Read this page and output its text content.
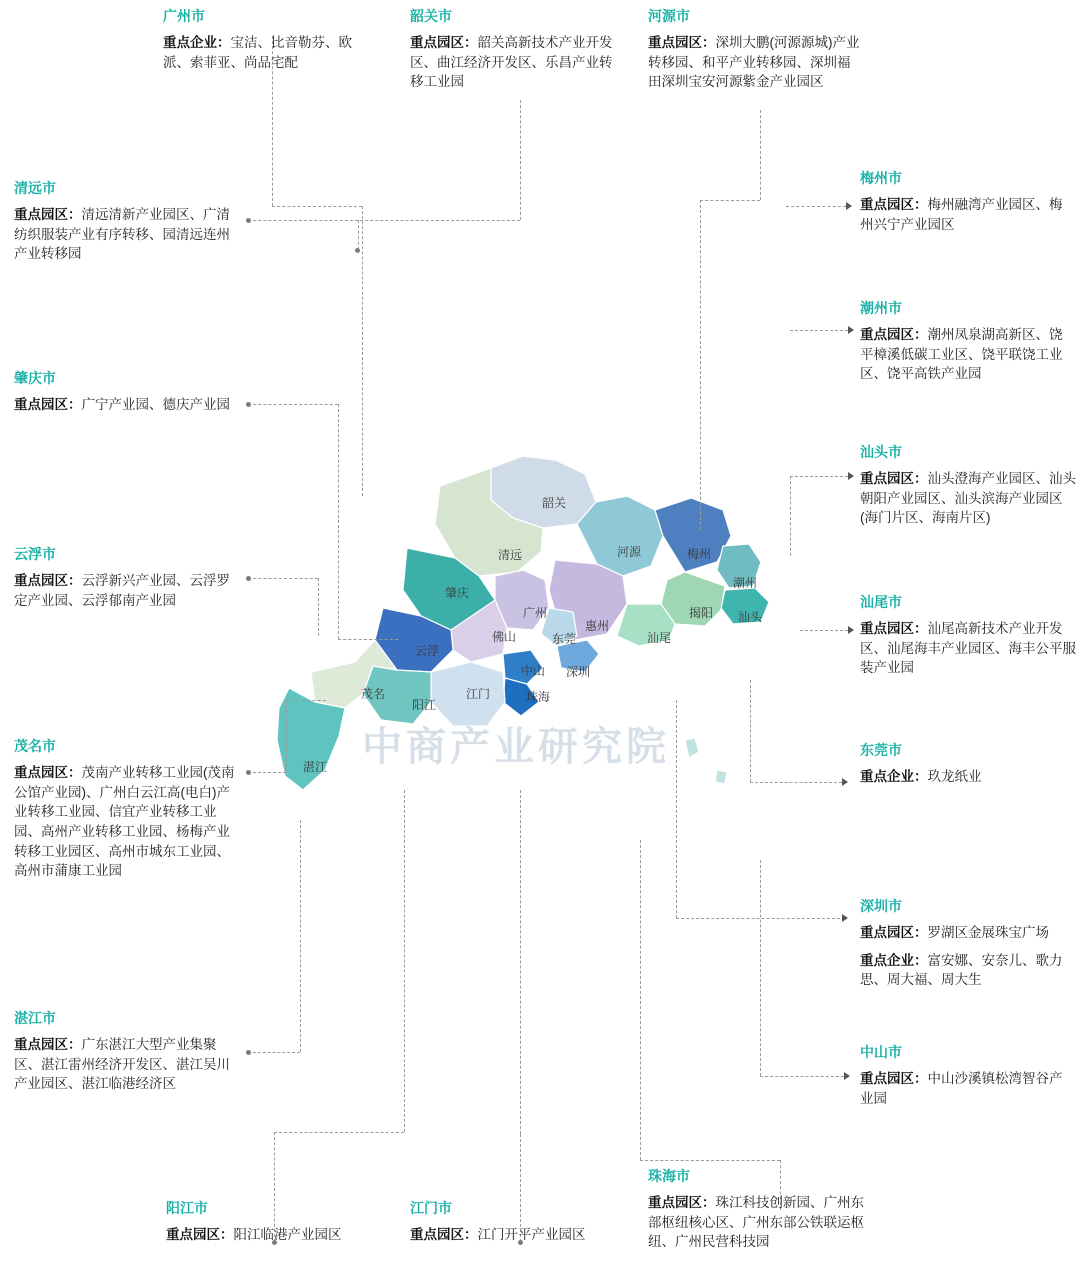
中商产业研究院
韶关
清远	河源	梅州
潮州
肇庆
广州
惠州
揭阳 汕头
佛山	东莞	汕尾
云浮
深圳
江门
中山
珠海
茂名
阳江
湛江
广州市
重点企业：宝洁、比音勒芬、欧派、索菲亚、尚品宅配
韶关市
重点园区：韶关高新技术产业开发区、曲江经济开发区、乐昌产业转移工业园
河源市
重点园区：深圳大鹏(河源源城)产业转移园、和平产业转移园、深圳福田深圳宝安河源紫金产业园区
清远市
重点园区：清远清新产业园区、广清纺织服装产业有序转移、园清远连州产业转移园
肇庆市
重点园区：广宁产业园、德庆产业园
云浮市
重点园区：云浮新兴产业园、云浮罗定产业园、云浮郁南产业园
茂名市
重点园区：茂南产业转移工业园(茂南公馆产业园)、广州白云江高(电白)产业转移工业园、信宜产业转移工业园、高州产业转移工业园、杨梅产业转移工业园区、高州市城东工业园、高州市蒲康工业园
湛江市
重点园区：广东湛江大型产业集聚区、湛江雷州经济开发区、湛江吴川产业园区、湛江临港经济区
阳江市
重点园区：阳江临港产业园区
江门市
重点园区：江门开平产业园区
珠海市
重点园区：珠江科技创新园、广州东部枢纽核心区、广州东部公铁联运枢纽、广州民营科技园
梅州市
重点园区：梅州融湾产业园区、梅州兴宁产业园区
潮州市
重点园区：潮州凤泉湖高新区、饶平樟溪低碳工业区、饶平联饶工业区、饶平高铁产业园
汕头市
重点园区：汕头澄海产业园区、汕头朝阳产业园区、汕头滨海产业园区(海门片区、海南片区)
汕尾市
重点园区：汕尾高新技术产业开发区、汕尾海丰产业园区、海丰公平服装产业园
东莞市
重点企业：玖龙纸业
深圳市
重点园区：罗湖区金展珠宝广场
重点企业：富安娜、安奈儿、歌力思、周大福、周大生
中山市
重点园区：中山沙溪镇松湾智谷产业园
